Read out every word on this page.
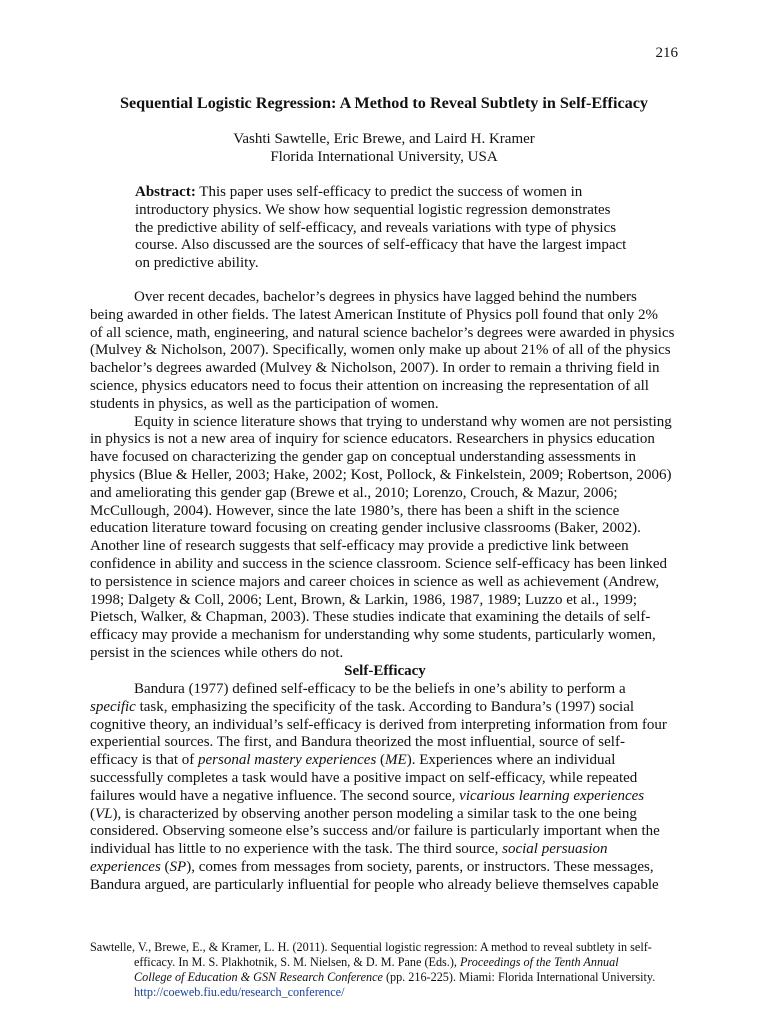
216
Sequential Logistic Regression: A Method to Reveal Subtlety in Self-Efficacy
Vashti Sawtelle, Eric Brewe, and Laird H. Kramer
Florida International University, USA
Abstract: This paper uses self-efficacy to predict the success of women in
introductory physics. We show how sequential logistic regression demonstrates
the predictive ability of self-efficacy, and reveals variations with type of physics
course. Also discussed are the sources of self-efficacy that have the largest impact
on predictive ability.
Over recent decades, bachelor’s degrees in physics have lagged behind the numbers
being awarded in other fields. The latest American Institute of Physics poll found that only 2%
of all science, math, engineering, and natural science bachelor’s degrees were awarded in physics
(Mulvey & Nicholson, 2007). Specifically, women only make up about 21% of all of the physics
bachelor’s degrees awarded (Mulvey & Nicholson, 2007). In order to remain a thriving field in
science, physics educators need to focus their attention on increasing the representation of all
students in physics, as well as the participation of women.
Equity in science literature shows that trying to understand why women are not persisting
in physics is not a new area of inquiry for science educators. Researchers in physics education
have focused on characterizing the gender gap on conceptual understanding assessments in
physics (Blue & Heller, 2003; Hake, 2002; Kost, Pollock, & Finkelstein, 2009; Robertson, 2006)
and ameliorating this gender gap (Brewe et al., 2010; Lorenzo, Crouch, & Mazur, 2006;
McCullough, 2004). However, since the late 1980’s, there has been a shift in the science
education literature toward focusing on creating gender inclusive classrooms (Baker, 2002).
Another line of research suggests that self-efficacy may provide a predictive link between
confidence in ability and success in the science classroom. Science self-efficacy has been linked
to persistence in science majors and career choices in science as well as achievement (Andrew,
1998; Dalgety & Coll, 2006; Lent, Brown, & Larkin, 1986, 1987, 1989; Luzzo et al., 1999;
Pietsch, Walker, & Chapman, 2003). These studies indicate that examining the details of self-
efficacy may provide a mechanism for understanding why some students, particularly women,
persist in the sciences while others do not.
Self-Efficacy
Bandura (1977) defined self-efficacy to be the beliefs in one’s ability to perform a
specific task, emphasizing the specificity of the task. According to Bandura’s (1997) social
cognitive theory, an individual’s self-efficacy is derived from interpreting information from four
experiential sources. The first, and Bandura theorized the most influential, source of self-
efficacy is that of personal mastery experiences (ME). Experiences where an individual
successfully completes a task would have a positive impact on self-efficacy, while repeated
failures would have a negative influence. The second source, vicarious learning experiences
(VL), is characterized by observing another person modeling a similar task to the one being
considered. Observing someone else’s success and/or failure is particularly important when the
individual has little to no experience with the task. The third source, social persuasion
experiences (SP), comes from messages from society, parents, or instructors. These messages,
Bandura argued, are particularly influential for people who already believe themselves capable
Sawtelle, V., Brewe, E., & Kramer, L. H. (2011). Sequential logistic regression: A method to reveal subtlety in self-
efficacy. In M. S. Plakhotnik, S. M. Nielsen, & D. M. Pane (Eds.), Proceedings of the Tenth Annual
College of Education & GSN Research Conference (pp. 216-225). Miami: Florida International University.
http://coeweb.fiu.edu/research_conference/
